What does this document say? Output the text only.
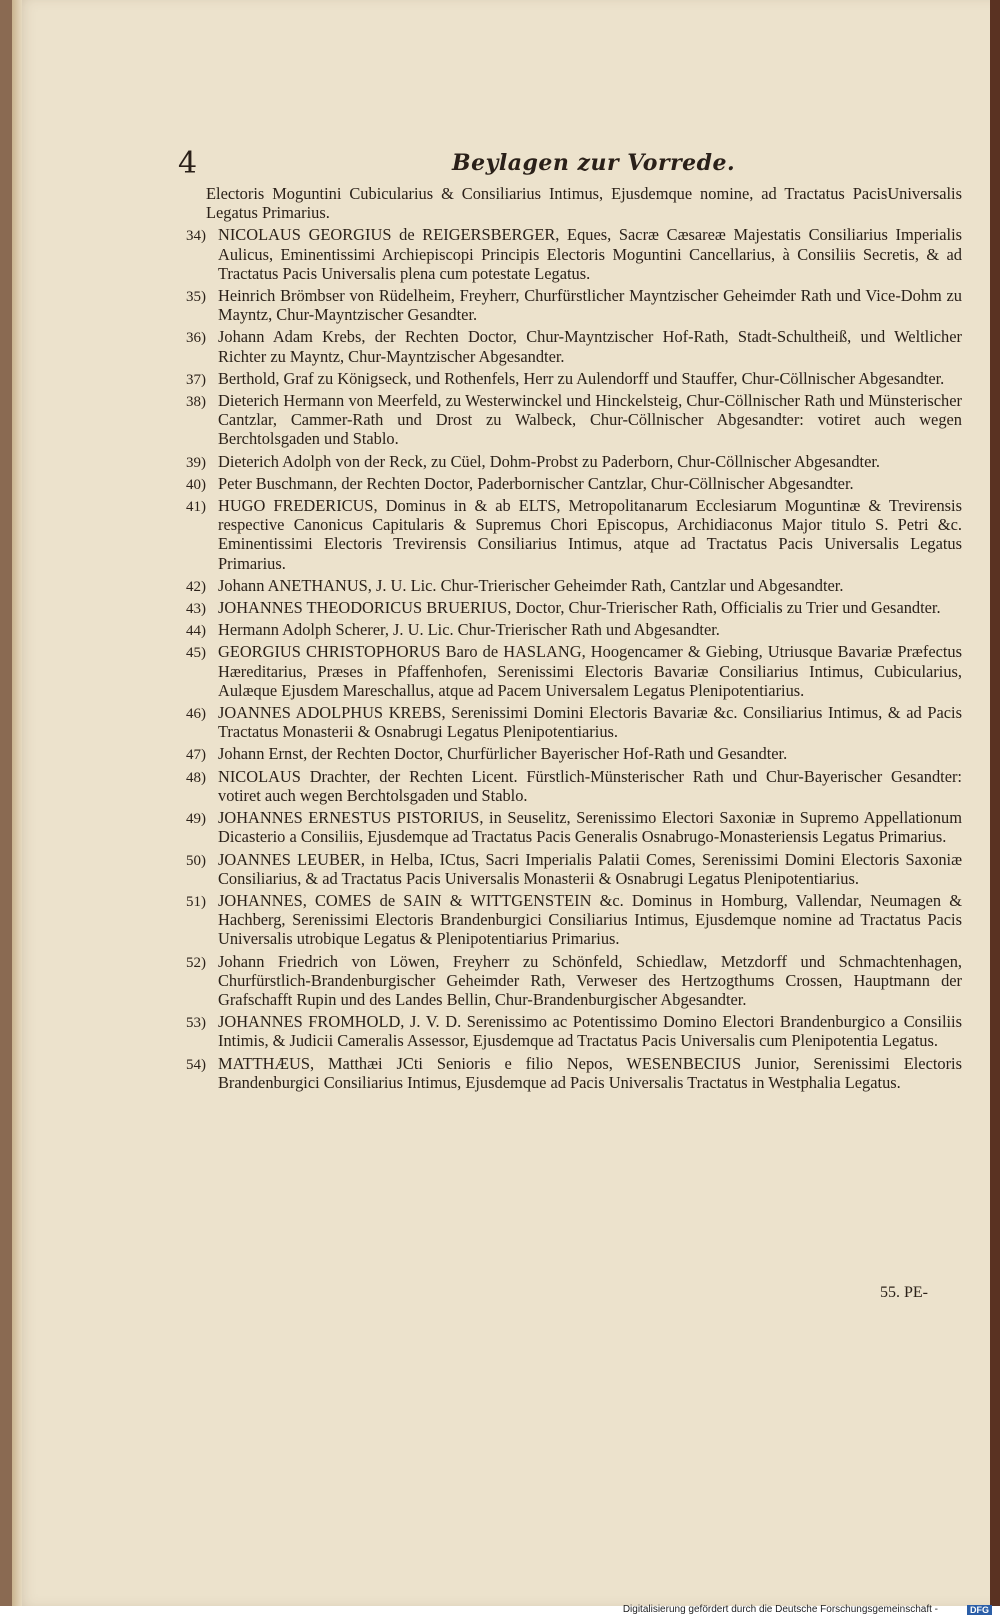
4	Beylagen zur Vorrede.

Electoris Moguntini Cubicularius & Consiliarius Intimus, Ejusdemque nomine, ad Tractatus PacisUniversalis Legatus Primarius.

34) NICOLAUS GEORGIUS de REIGERSBERGER, Eques, Sacræ Cæsareæ Majestatis Consiliarius Imperialis Aulicus, Eminentissimi Archiepiscopi Principis Electoris Moguntini Cancellarius, à Consiliis Secretis, & ad Tractatus Pacis Universalis plena cum potestate Legatus.

35) Heinrich Brömbser von Rüdelheim, Freyherr, Churfürstlicher Mayntzischer Geheimder Rath und Vice-Dohm zu Mayntz, Chur-Mayntzischer Gesandter.

36) Johann Adam Krebs, der Rechten Doctor, Chur-Mayntzischer Hof-Rath, Stadt-Schultheiß, und Weltlicher Richter zu Mayntz, Chur-Mayntzischer Abgesandter.

37) Berthold, Graf zu Königseck, und Rothenfels, Herr zu Aulendorff und Stauffer, Chur-Cöllnischer Abgesandter.

38) Dieterich Hermann von Meerfeld, zu Westerwinckel und Hinckelsteig, Chur-Cöllnischer Rath und Münsterischer Cantzlar, Cammer-Rath und Drost zu Walbeck, Chur-Cöllnischer Abgesandter: votiret auch wegen Berchtolsgaden und Stablo.

39) Dieterich Adolph von der Reck, zu Cüel, Dohm-Probst zu Paderborn, Chur-Cöllnischer Abgesandter.

40) Peter Buschmann, der Rechten Doctor, Paderbornischer Cantzlar, Chur-Cöllnischer Abgesandter.

41) HUGO FREDERICUS, Dominus in & ab ELTS, Metropolitanarum Ecclesiarum Moguntinæ & Trevirensis respective Canonicus Capitularis & Supremus Chori Episcopus, Archidiaconus Major titulo S. Petri &c. Eminentissimi Electoris Trevirensis Consiliarius Intimus, atque ad Tractatus Pacis Universalis Legatus Primarius.

42) Johann ANETHANUS, J. U. Lic. Chur-Trierischer Geheimder Rath, Cantzlar und Abgesandter.

43) JOHANNES THEODORICUS BRUERIUS, Doctor, Chur-Trierischer Rath, Officialis zu Trier und Gesandter.

44) Hermann Adolph Scherer, J. U. Lic. Chur-Trierischer Rath und Abgesandter.

45) GEORGIUS CHRISTOPHORUS Baro de HASLANG, Hoogencamer & Giebing, Utriusque Bavariæ Præfectus Hæreditarius, Præses in Pfaffenhofen, Serenissimi Electoris Bavariæ Consiliarius Intimus, Cubicularius, Aulæque Ejusdem Mareschallus, atque ad Pacem Universalem Legatus Plenipotentiarius.

46) JOANNES ADOLPHUS KREBS, Serenissimi Domini Electoris Bavariæ &c. Consiliarius Intimus, & ad Pacis Tractatus Monasterii & Osnabrugi Legatus Plenipotentiarius.

47) Johann Ernst, der Rechten Doctor, Churfürlicher Bayerischer Hof-Rath und Gesandter.

48) NICOLAUS Drachter, der Rechten Licent. Fürstlich-Münsterischer Rath und Chur-Bayerischer Gesandter: votiret auch wegen Berchtolsgaden und Stablo.

49) JOHANNES ERNESTUS PISTORIUS, in Seuselitz, Serenissimo Electori Saxoniæ in Supremo Appellationum Dicasterio a Consiliis, Ejusdemque ad Tractatus Pacis Generalis Osnabrugo-Monasteriensis Legatus Primarius.

50) JOANNES LEUBER, in Helba, ICtus, Sacri Imperialis Palatii Comes, Serenissimi Domini Electoris Saxoniæ Consiliarius, & ad Tractatus Pacis Universalis Monasterii & Osnabrugi Legatus Plenipotentiarius.

51) JOHANNES, COMES de SAIN & WITTGENSTEIN &c. Dominus in Homburg, Vallendar, Neumagen & Hachberg, Serenissimi Electoris Brandenburgici Consiliarius Intimus, Ejusdemque nomine ad Tractatus Pacis Universalis utrobique Legatus & Plenipotentiarius Primarius.

52) Johann Friedrich von Löwen, Freyherr zu Schönfeld, Schiedlaw, Metzdorff und Schmachtenhagen, Churfürstlich-Brandenburgischer Geheimder Rath, Verweser des Hertzogthums Crossen, Hauptmann der Grafschafft Rupin und des Landes Bellin, Chur-Brandenburgischer Abgesandter.

53) JOHANNES FROMHOLD, J. V. D. Serenissimo ac Potentissimo Domino Electori Brandenburgico a Consiliis Intimis, & Judicii Cameralis Assessor, Ejusdemque ad Tractatus Pacis Universalis cum Plenipotentia Legatus.

54) MATTHÆUS, Matthæi JCti Senioris e filio Nepos, WESENBECIUS Junior, Serenissimi Electoris Brandenburgici Consiliarius Intimus, Ejusdemque ad Pacis Universalis Tractatus in Westphalia Legatus.

55. PE-
Digitalisierung gefördert durch die Deutsche Forschungsgemeinschaft -	DFG
